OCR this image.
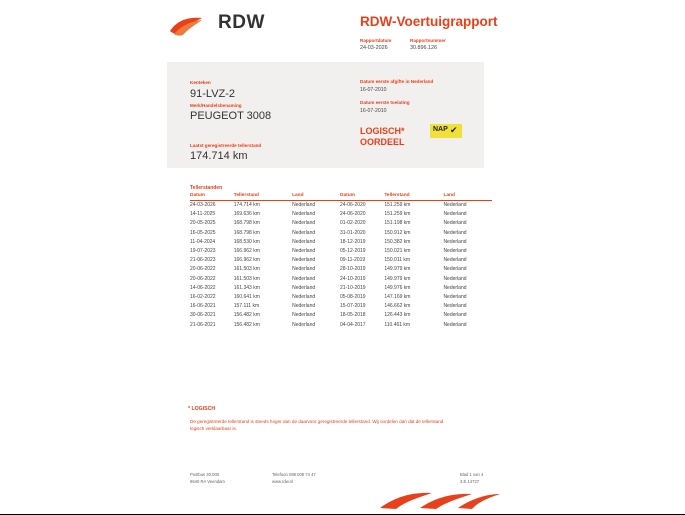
RDW	RDW-Voertuigrapport
Rapportdatum	Rapportnummer
24-03-2026	30.896.126
Kenteken
91-LVZ-2
Merk/Handelsbenaming
PEUGEOT 3008
Laatst geregistreerde tellerstand
174.714 km
Datum eerste afgifte in Nederland
16-07-2010
Datum eerste toelating
16-07-2010
LOGISCH*
OORDEEL
NAP ✔
Tellerstanden
Datum	Tellerstand	Land
24-03-2026	174.714 km	Nederland
14-11-2025	169.636 km	Nederland
20-05-2025	168.798 km	Nederland
16-05-2025	168.798 km	Nederland
11-04-2024	168.530 km	Nederland
19-07-2023	166.962 km	Nederland
21-06-2023	166.962 km	Nederland
20-06-2022	161.503 km	Nederland
20-06-2022	161.503 km	Nederland
14-06-2022	161.343 km	Nederland
16-02-2022	160.641 km	Nederland
16-06-2021	157.111 km	Nederland
30-06-2021	156.482 km	Nederland
21-06-2021	156.482 km	Nederland
Datum	Tellerstand	Land
24-06-2020	151.259 km	Nederland
24-06-2020	151.259 km	Nederland
01-02-2020	151.198 km	Nederland
31-01-2020	150.912 km	Nederland
18-12-2019	150.382 km	Nederland
05-12-2019	150.021 km	Nederland
09-11-2019	150.011 km	Nederland
28-10-2019	149.979 km	Nederland
24-10-2019	149.979 km	Nederland
21-10-2019	149.976 km	Nederland
05-08-2019	147.169 km	Nederland
15-07-2019	146.662 km	Nederland
18-05-2018	126.443 km	Nederland
04-04-2017	110.461 km	Nederland
* LOGISCH
De geregistreerde tellerstand is steeds hoger dan de daarvoor geregistreerde tellerstand. Wij oordelen dan dat de tellerstand logisch verklaarbaar is.
Postbus 30.000
9640 RA Veendam
Telefoon 088 008 74 47
www.rdw.nl
Blad 1 van 4
3.E.14737
